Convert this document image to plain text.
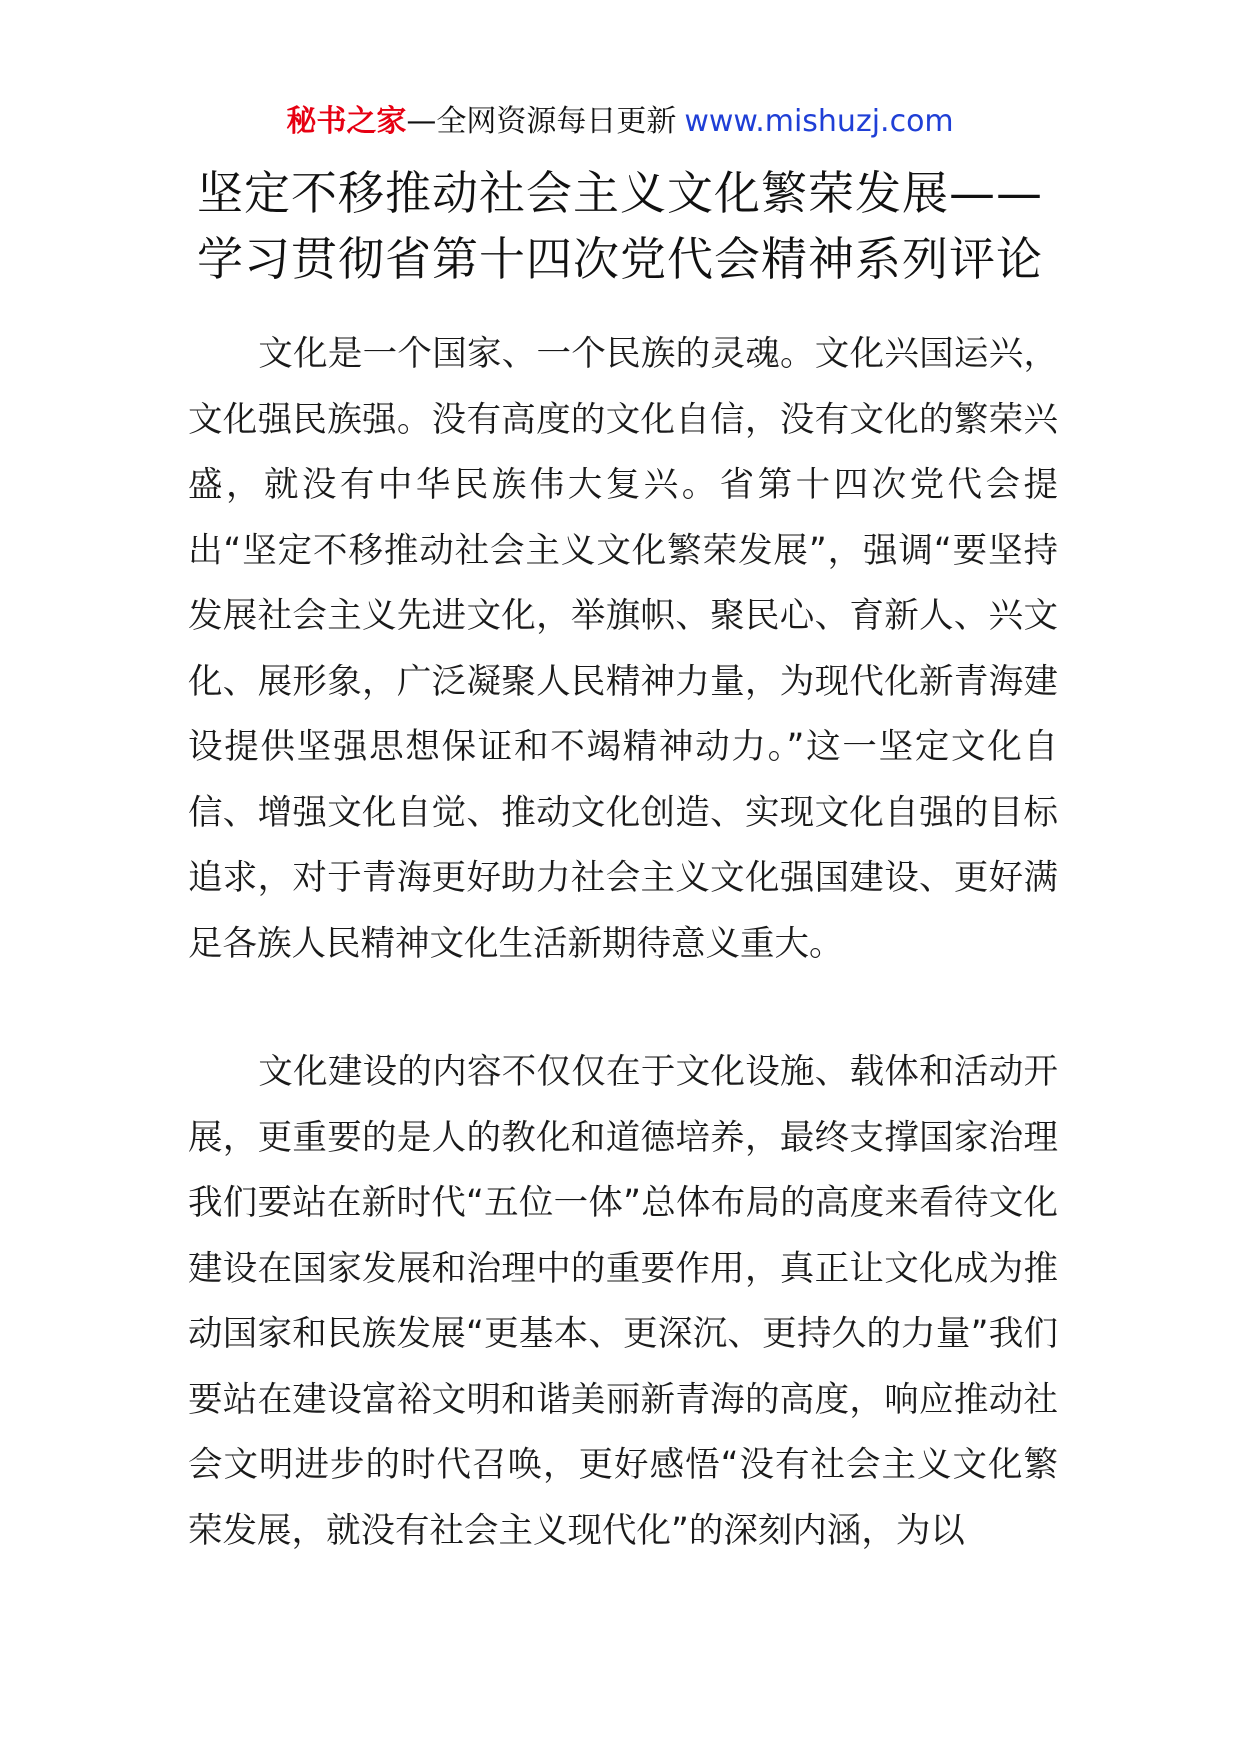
秘书之家—全网资源每日更新 www.mishuzj.com
坚定不移推动社会主义文化繁荣发展——
学习贯彻省第十四次党代会精神系列评论
文化是一个国家、一个民族的灵魂。文化兴国运兴，文化强民族强。没有高度的文化自信，没有文化的繁荣兴盛，就没有中华民族伟大复兴。省第十四次党代会提出“坚定不移推动社会主义文化繁荣发展”，强调“要坚持发展社会主义先进文化，举旗帜、聚民心、育新人、兴文化、展形象，广泛凝聚人民精神力量，为现代化新青海建设提供坚强思想保证和不竭精神动力。”这一坚定文化自信、增强文化自觉、推动文化创造、实现文化自强的目标追求，对于青海更好助力社会主义文化强国建设、更好满足各族人民精神文化生活新期待意义重大。
文化建设的内容不仅仅在于文化设施、载体和活动开展，更重要的是人的教化和道德培养，最终支撑国家治理我们要站在新时代“五位一体”总体布局的高度来看待文化建设在国家发展和治理中的重要作用，真正让文化成为推动国家和民族发展“更基本、更深沉、更持久的力量”我们要站在建设富裕文明和谐美丽新青海的高度，响应推动社会文明进步的时代召唤，更好感悟“没有社会主义文化繁荣发展，就没有社会主义现代化”的深刻内涵，为以
